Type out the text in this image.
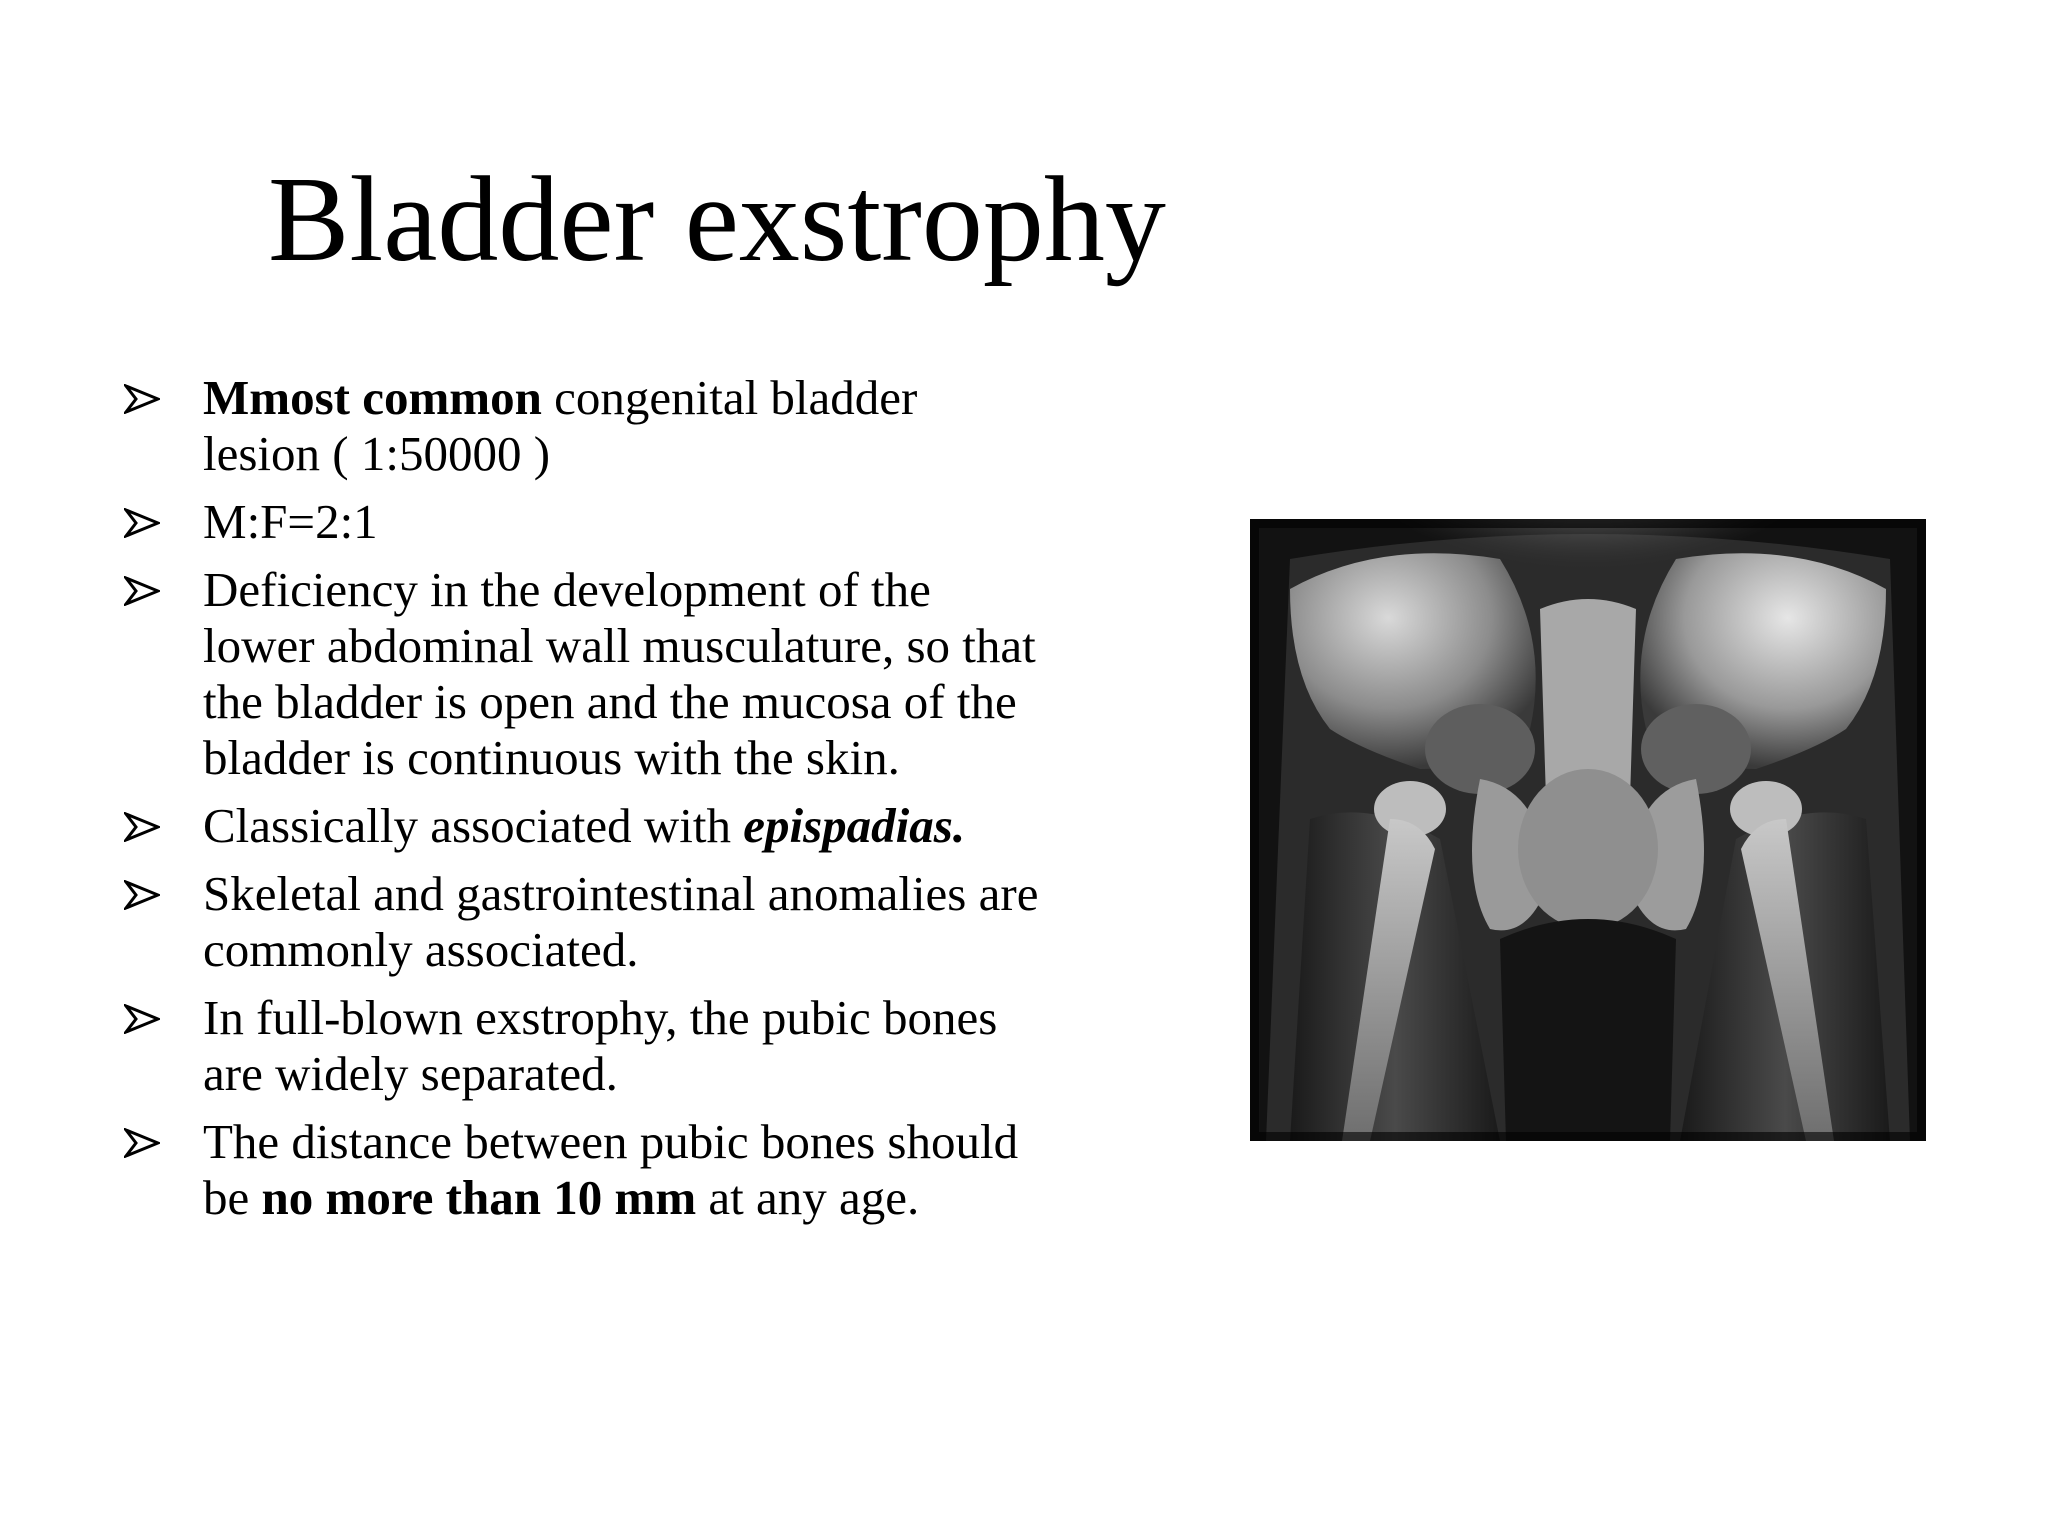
Bladder exstrophy
Mmost common congenital bladder lesion ( 1:50000 )
M:F=2:1
Deficiency in the development of the lower abdominal wall musculature, so that the bladder is open and the mucosa of the bladder is continuous with the skin.
Classically associated with epispadias.
Skeletal and gastrointestinal anomalies are commonly associated.
In full-blown exstrophy, the pubic bones are widely separated.
The distance between pubic bones should be no more than 10 mm at any age.
